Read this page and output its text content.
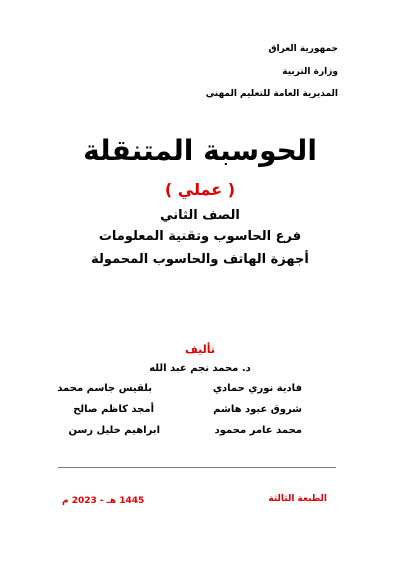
جمهورية العراق
وزارة التربية
المديرية العامة للتعليم المهني
الحوسبة المتنقلة
( عملي )
الصف الثاني
فرع الحاسوب وتقنية المعلومات
أجهزة الهاتف والحاسوب المحمولة
تأليف
د. محمد نجم عبد الله
فادية نوري حمادي
بلقيس جاسم محمد
شروق عبود هاشم
أمجد كاظم صالح
محمد عامر محمود
ابراهيم خليل رسن
الطبعة الثالثة
1445 هـ - 2023 م
